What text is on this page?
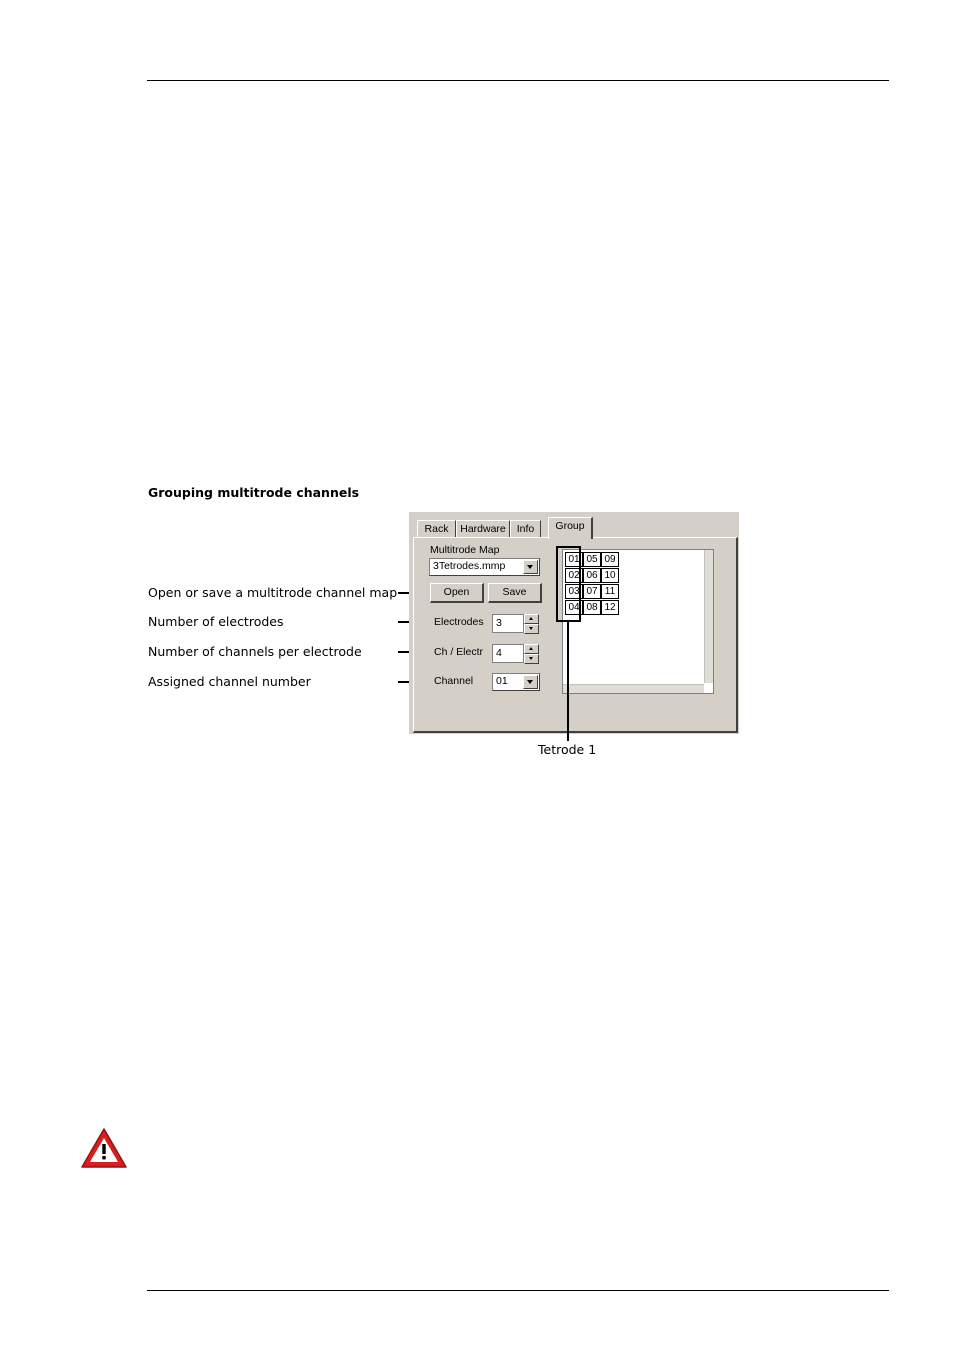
Grouping multitrode channels
Open or save a multitrode channel map
Number of electrodes
Number of channels per electrode
Assigned channel number
Rack	Hardware	Info	Group
Multitrode Map
3Tetrodes.mmp
Open	Save
Electrodes 3
Ch / Electr 4
Channel 01
01 05 09
02 06 10
03 07 11
04 08 12
Tetrode 1
